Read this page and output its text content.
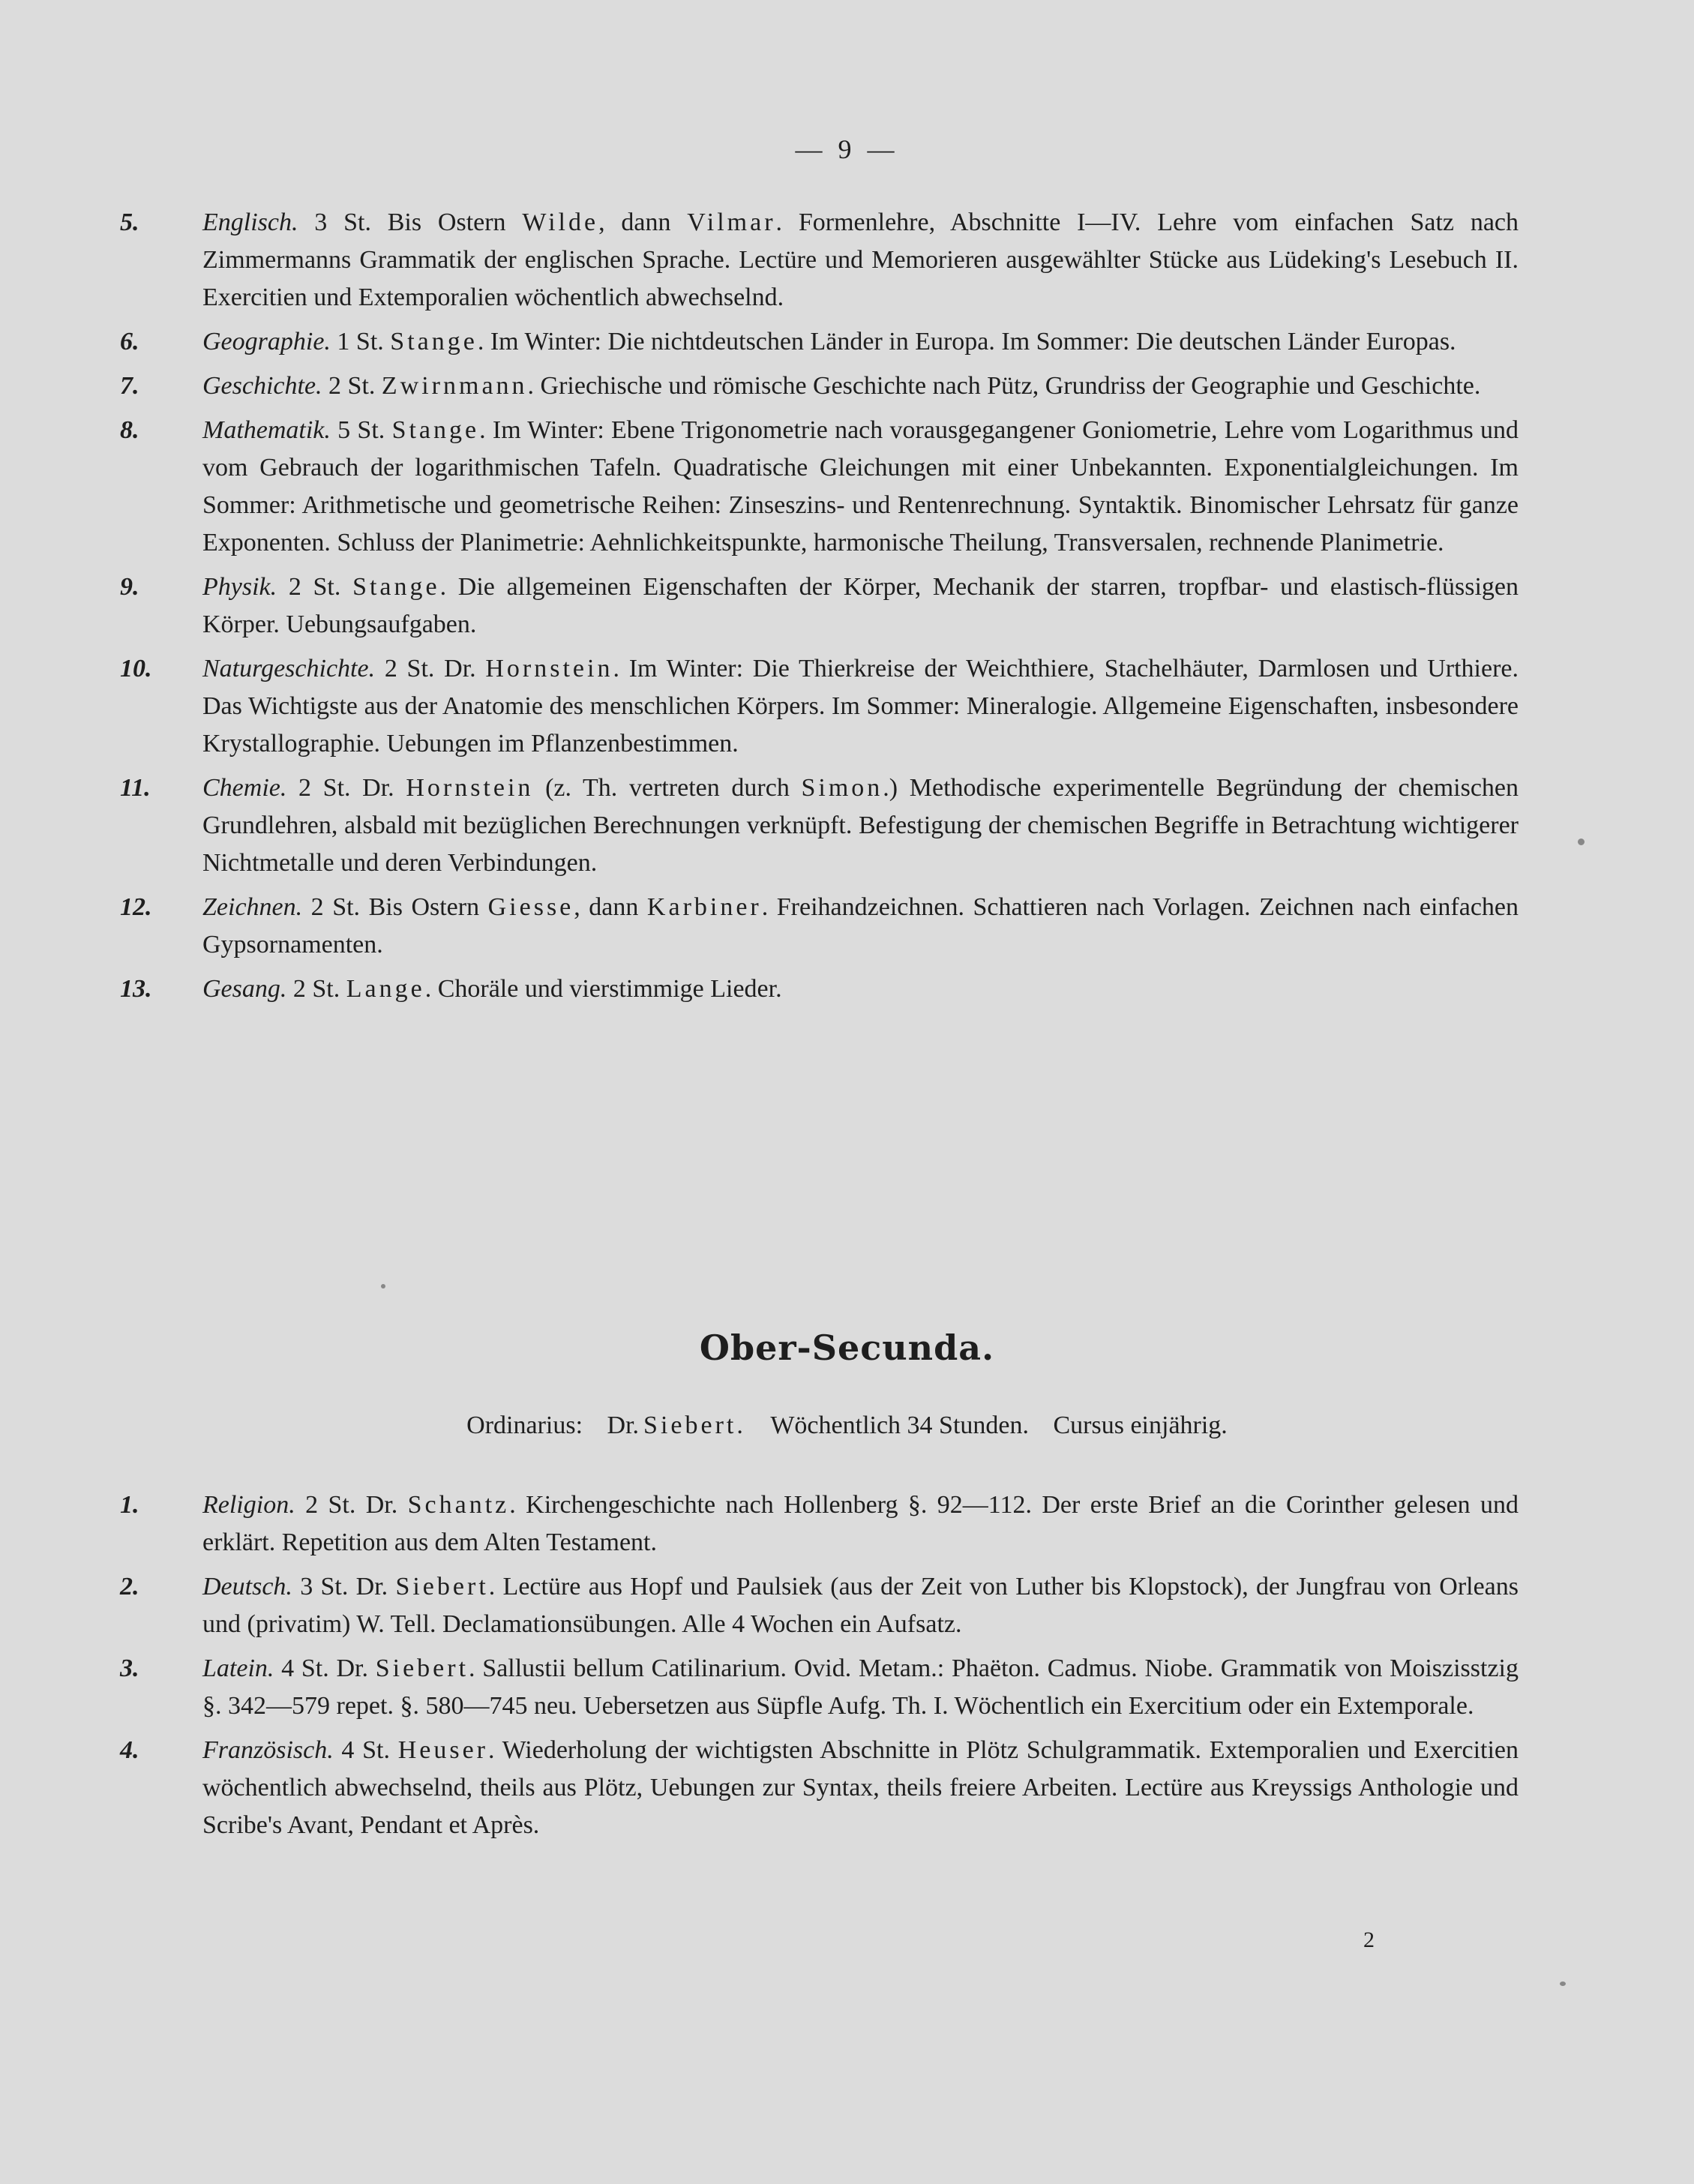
— 9 —
5.	Englisch. 3 St. Bis Ostern Wilde, dann Vilmar. Formenlehre, Abschnitte I—IV. Lehre vom einfachen Satz nach Zimmermanns Grammatik der englischen Sprache. Lectüre und Memorieren ausgewählter Stücke aus Lüdeking's Lesebuch II. Exercitien und Extemporalien wöchentlich abwechselnd.
6.	Geographie. 1 St. Stange. Im Winter: Die nichtdeutschen Länder in Europa. Im Sommer: Die deutschen Länder Europas.
7.	Geschichte. 2 St. Zwirnmann. Griechische und römische Geschichte nach Pütz, Grundriss der Geographie und Geschichte.
8.	Mathematik. 5 St. Stange. Im Winter: Ebene Trigonometrie nach vorausgegangener Goniometrie, Lehre vom Logarithmus und vom Gebrauch der logarithmischen Tafeln. Quadratische Gleichungen mit einer Unbekannten. Exponentialgleichungen. Im Sommer: Arithmetische und geometrische Reihen: Zinseszins- und Rentenrechnung. Syntaktik. Binomischer Lehrsatz für ganze Exponenten. Schluss der Planimetrie: Aehnlichkeitspunkte, harmonische Theilung, Transversalen, rechnende Planimetrie.
9.	Physik. 2 St. Stange. Die allgemeinen Eigenschaften der Körper, Mechanik der starren, tropfbar- und elastisch-flüssigen Körper. Uebungsaufgaben.
10.	Naturgeschichte. 2 St. Dr. Hornstein. Im Winter: Die Thierkreise der Weichthiere, Stachelhäuter, Darmlosen und Urthiere. Das Wichtigste aus der Anatomie des menschlichen Körpers. Im Sommer: Mineralogie. Allgemeine Eigenschaften, insbesondere Krystallographie. Uebungen im Pflanzenbestimmen.
11.	Chemie. 2 St. Dr. Hornstein (z. Th. vertreten durch Simon.) Methodische experimentelle Begründung der chemischen Grundlehren, alsbald mit bezüglichen Berechnungen verknüpft. Befestigung der chemischen Begriffe in Betrachtung wichtigerer Nichtmetalle und deren Verbindungen.
12.	Zeichnen. 2 St. Bis Ostern Giesse, dann Karbiner. Freihandzeichnen. Schattieren nach Vorlagen. Zeichnen nach einfachen Gypsornamenten.
13.	Gesang. 2 St. Lange. Choräle und vierstimmige Lieder.
Ober-Secunda.
Ordinarius: Dr. Siebert. Wöchentlich 34 Stunden. Cursus einjährig.
1.	Religion. 2 St. Dr. Schantz. Kirchengeschichte nach Hollenberg §. 92—112. Der erste Brief an die Corinther gelesen und erklärt. Repetition aus dem Alten Testament.
2.	Deutsch. 3 St. Dr. Siebert. Lectüre aus Hopf und Paulsiek (aus der Zeit von Luther bis Klopstock), der Jungfrau von Orleans und (privatim) W. Tell. Declamationsübungen. Alle 4 Wochen ein Aufsatz.
3.	Latein. 4 St. Dr. Siebert. Sallustii bellum Catilinarium. Ovid. Metam.: Phaëton. Cadmus. Niobe. Grammatik von Moiszisstzig §. 342—579 repet. §. 580—745 neu. Uebersetzen aus Süpfle Aufg. Th. I. Wöchentlich ein Exercitium oder ein Extemporale.
4.	Französisch. 4 St. Heuser. Wiederholung der wichtigsten Abschnitte in Plötz Schulgrammatik. Extemporalien und Exercitien wöchentlich abwechselnd, theils aus Plötz, Uebungen zur Syntax, theils freiere Arbeiten. Lectüre aus Kreyssigs Anthologie und Scribe's Avant, Pendant et Après.
2
